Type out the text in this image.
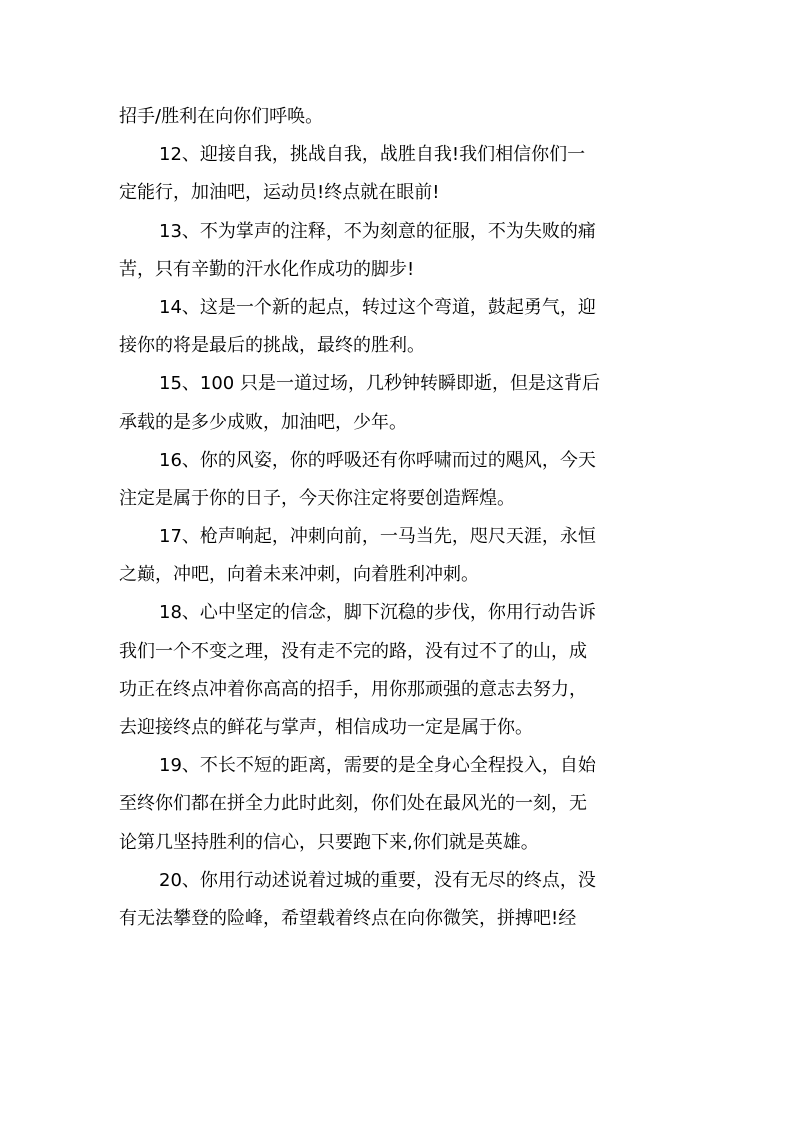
招手/胜利在向你们呼唤。
12、迎接自我，挑战自我，战胜自我!我们相信你们一
定能行，加油吧，运动员!终点就在眼前!
13、不为掌声的注释，不为刻意的征服，不为失败的痛
苦，只有辛勤的汗水化作成功的脚步!
14、这是一个新的起点，转过这个弯道，鼓起勇气，迎
接你的将是最后的挑战，最终的胜利。
15、100 只是一道过场，几秒钟转瞬即逝，但是这背后
承载的是多少成败，加油吧，少年。
16、你的风姿，你的呼吸还有你呼啸而过的飓风，今天
注定是属于你的日子，今天你注定将要创造辉煌。
17、枪声响起，冲刺向前，一马当先，咫尺天涯，永恒
之巅，冲吧，向着未来冲刺，向着胜利冲刺。
18、心中坚定的信念，脚下沉稳的步伐，你用行动告诉
我们一个不变之理，没有走不完的路，没有过不了的山，成
功正在终点冲着你高高的招手，用你那顽强的意志去努力，
去迎接终点的鲜花与掌声，相信成功一定是属于你。
19、不长不短的距离，需要的是全身心全程投入，自始
至终你们都在拼全力此时此刻，你们处在最风光的一刻，无
论第几坚持胜利的信心，只要跑下来,你们就是英雄。
20、你用行动述说着过城的重要，没有无尽的终点，没
有无法攀登的险峰，希望载着终点在向你微笑，拼搏吧!经
